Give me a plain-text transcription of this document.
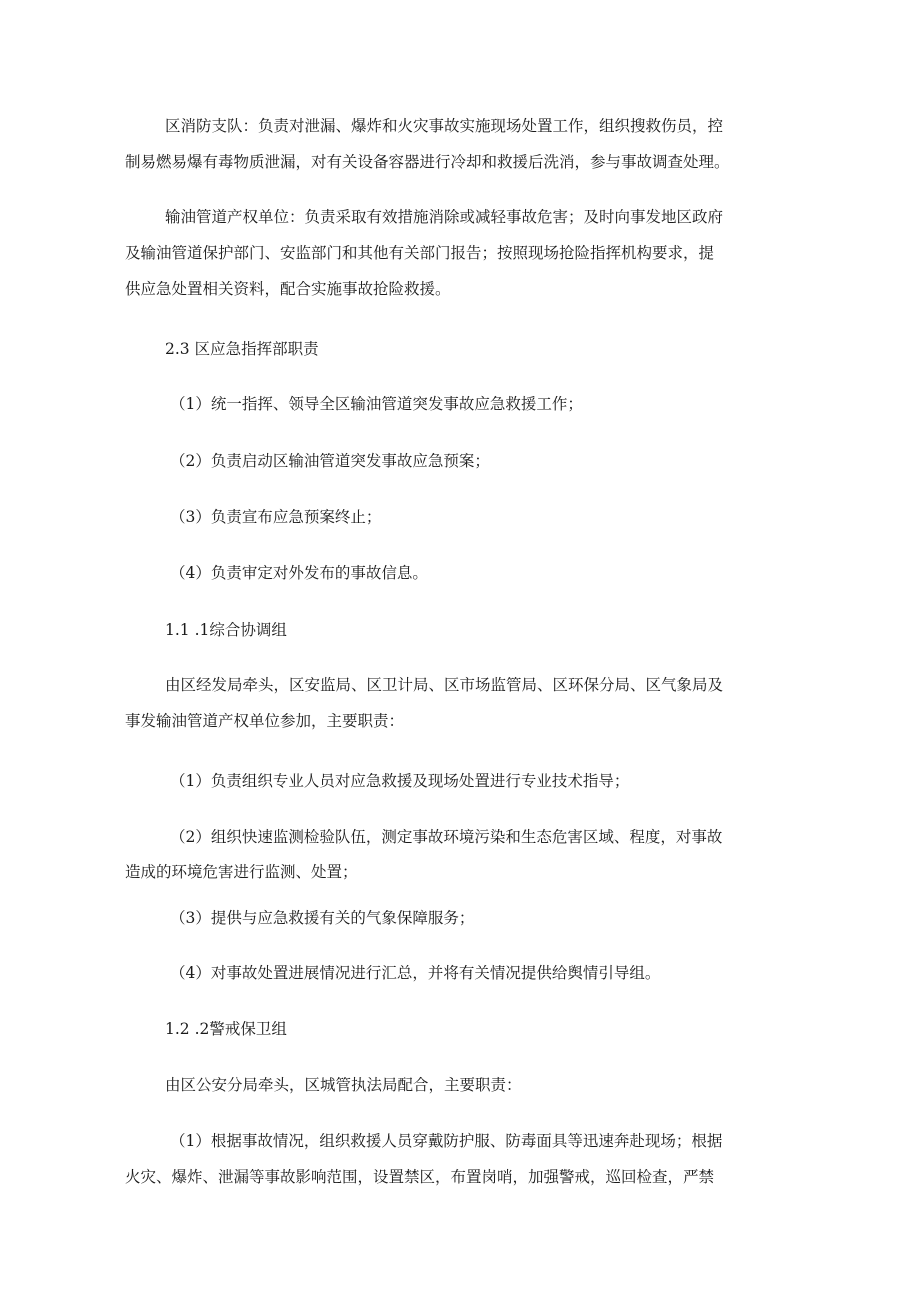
区消防支队：负责对泄漏、爆炸和火灾事故实施现场处置工作，组织搜救伤员，控

制易燃易爆有毒物质泄漏，对有关设备容器进行冷却和救援后洗消，参与事故调查处理。

输油管道产权单位：负责采取有效措施消除或减轻事故危害；及时向事发地区政府

及输油管道保护部门、安监部门和其他有关部门报告；按照现场抢险指挥机构要求，提

供应急处置相关资料，配合实施事故抢险救援。

2.3 区应急指挥部职责

（1）统一指挥、领导全区输油管道突发事故应急救援工作；

（2）负责启动区输油管道突发事故应急预案；

（3）负责宣布应急预案终止；

（4）负责审定对外发布的事故信息。

1.1 .1综合协调组

由区经发局牵头，区安监局、区卫计局、区市场监管局、区环保分局、区气象局及

事发输油管道产权单位参加，主要职责：

（1）负责组织专业人员对应急救援及现场处置进行专业技术指导；

（2）组织快速监测检验队伍，测定事故环境污染和生态危害区域、程度，对事故

造成的环境危害进行监测、处置；

（3）提供与应急救援有关的气象保障服务；

（4）对事故处置进展情况进行汇总，并将有关情况提供给舆情引导组。

1.2 .2警戒保卫组

由区公安分局牵头，区城管执法局配合，主要职责：

（1）根据事故情况，组织救援人员穿戴防护服、防毒面具等迅速奔赴现场；根据

火灾、爆炸、泄漏等事故影响范围，设置禁区，布置岗哨，加强警戒，巡回检查，严禁
